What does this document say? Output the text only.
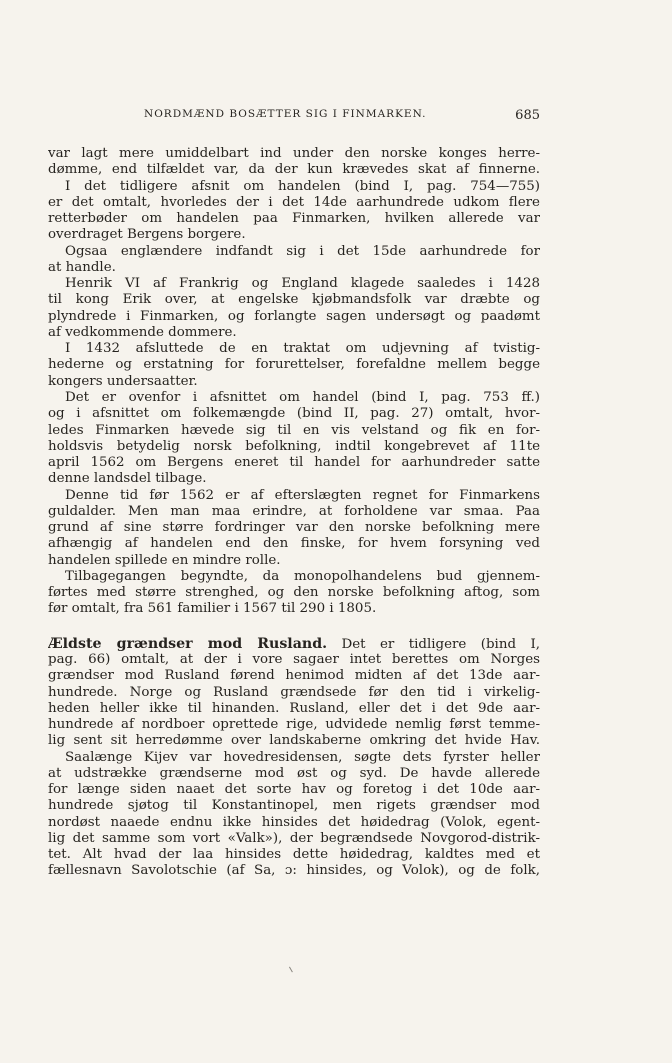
NORDMÆND BOSÆTTER SIG I FINMARKEN.	685
var lagt mere umiddelbart ind under den norske konges herre-
dømme, end tilfældet var, da der kun krævedes skat af finnerne.
I det tidligere afsnit om handelen (bind I, pag. 754—755)
er det omtalt, hvorledes der i det 14de aarhundrede udkom flere
retterbøder om handelen paa Finmarken, hvilken allerede var
overdraget Bergens borgere.
Ogsaa englændere indfandt sig i det 15de aarhundrede for
at handle.
Henrik VI af Frankrig og England klagede saaledes i 1428
til kong Erik over, at engelske kjøbmandsfolk var dræbte og
plyndrede i Finmarken, og forlangte sagen undersøgt og paadømt
af vedkommende dommere.
I 1432 afsluttede de en traktat om udjevning af tvistig-
hederne og erstatning for forurettelser, forefaldne mellem begge
kongers undersaatter.
Det er ovenfor i afsnittet om handel (bind I, pag. 753 ff.)
og i afsnittet om folkemængde (bind II, pag. 27) omtalt, hvor-
ledes Finmarken hævede sig til en vis velstand og fik en for-
holdsvis betydelig norsk befolkning, indtil kongebrevet af 11te
april 1562 om Bergens eneret til handel for aarhundreder satte
denne landsdel tilbage.
Denne tid før 1562 er af efterslægten regnet for Finmarkens
guldalder. Men man maa erindre, at forholdene var smaa. Paa
grund af sine større fordringer var den norske befolkning mere
afhængig af handelen end den finske, for hvem forsyning ved
handelen spillede en mindre rolle.
Tilbagegangen begyndte, da monopolhandelens bud gjennem-
førtes med større strenghed, og den norske befolkning aftog, som
før omtalt, fra 561 familier i 1567 til 290 i 1805.
Ældste grændser mod Rusland. Det er tidligere (bind I,
pag. 66) omtalt, at der i vore sagaer intet berettes om Norges
grændser mod Rusland førend henimod midten af det 13de aar-
hundrede. Norge og Rusland grændsede før den tid i virkelig-
heden heller ikke til hinanden. Rusland, eller det i det 9de aar-
hundrede af nordboer oprettede rige, udvidede nemlig først temme-
lig sent sit herredømme over landskaberne omkring det hvide Hav.
Saalænge Kijev var hovedresidensen, søgte dets fyrster heller
at udstrække grændserne mod øst og syd. De havde allerede
for længe siden naaet det sorte hav og foretog i det 10de aar-
hundrede sjøtog til Konstantinopel, men rigets grændser mod
nordøst naaede endnu ikke hinsides det høidedrag (Volok, egent-
lig det samme som vort «Valk»), der begrændsede Novgorod-distrik-
tet. Alt hvad der laa hinsides dette høidedrag, kaldtes med et
fællesnavn Savolotschie (af Sa, ɔ: hinsides, og Volok), og de folk,
